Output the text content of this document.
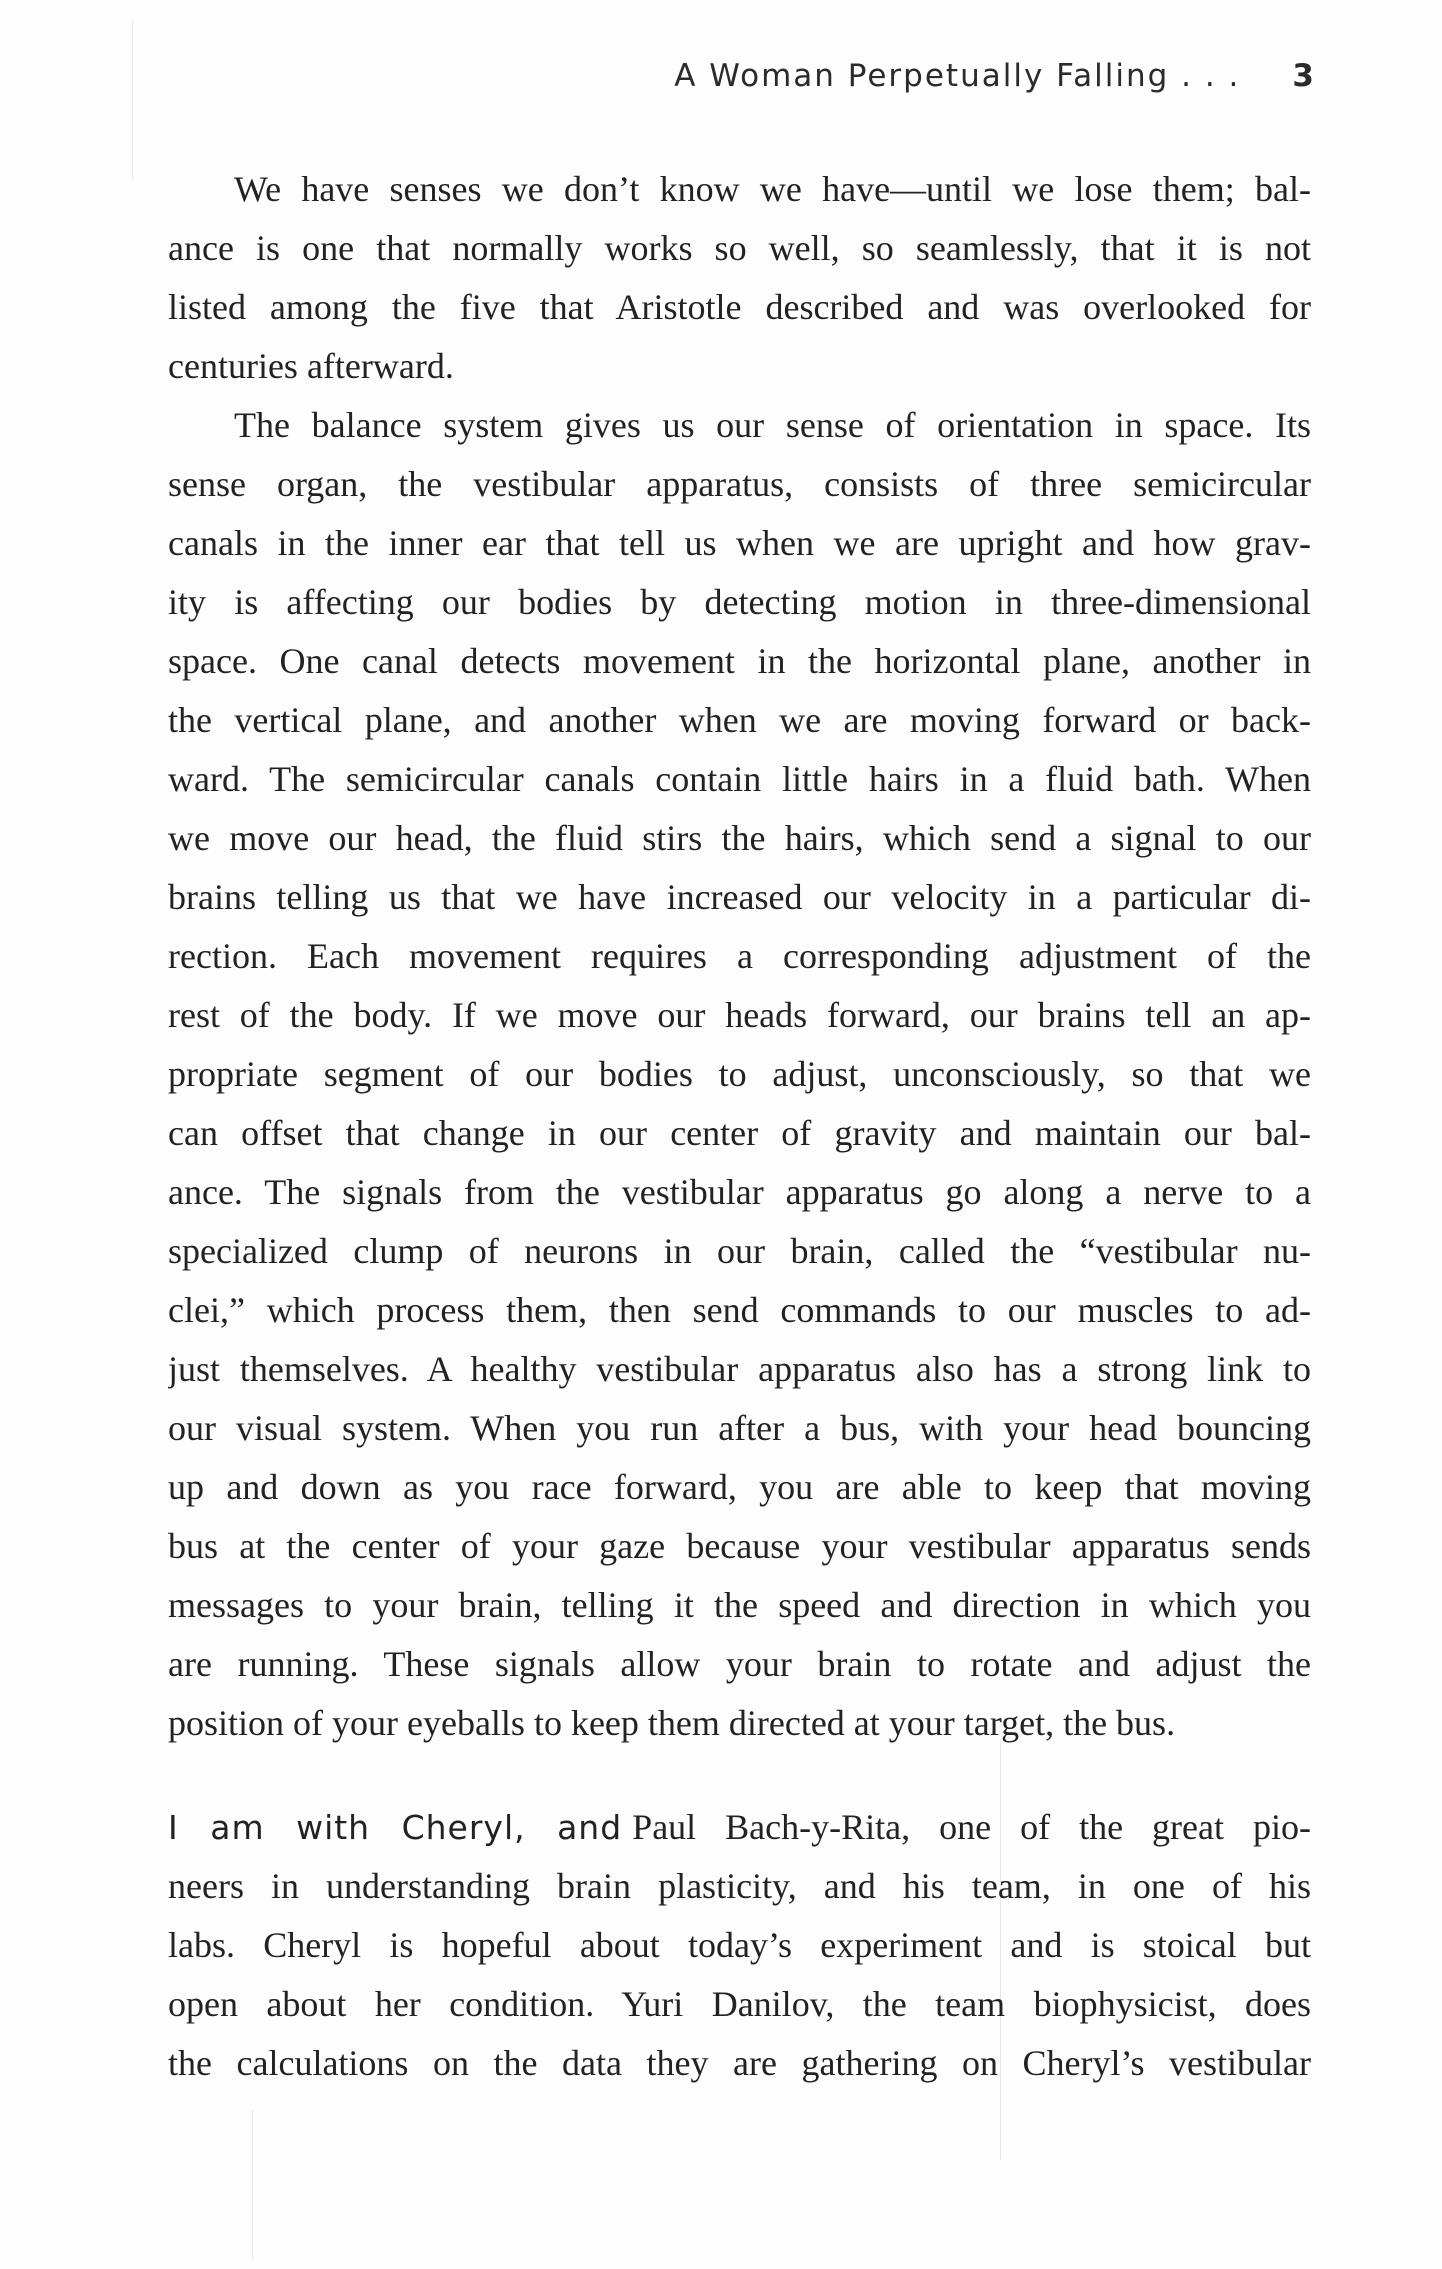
A Woman Perpetually Falling . . . 3
We have senses we don’t know we have—until we lose them; bal-
ance is one that normally works so well, so seamlessly, that it is not
listed among the five that Aristotle described and was overlooked for
centuries afterward.
The balance system gives us our sense of orientation in space. Its
sense organ, the vestibular apparatus, consists of three semicircular
canals in the inner ear that tell us when we are upright and how grav-
ity is affecting our bodies by detecting motion in three-dimensional
space. One canal detects movement in the horizontal plane, another in
the vertical plane, and another when we are moving forward or back-
ward. The semicircular canals contain little hairs in a fluid bath. When
we move our head, the fluid stirs the hairs, which send a signal to our
brains telling us that we have increased our velocity in a particular di-
rection. Each movement requires a corresponding adjustment of the
rest of the body. If we move our heads forward, our brains tell an ap-
propriate segment of our bodies to adjust, unconsciously, so that we
can offset that change in our center of gravity and maintain our bal-
ance. The signals from the vestibular apparatus go along a nerve to a
specialized clump of neurons in our brain, called the “vestibular nu-
clei,” which process them, then send commands to our muscles to ad-
just themselves. A healthy vestibular apparatus also has a strong link to
our visual system. When you run after a bus, with your head bouncing
up and down as you race forward, you are able to keep that moving
bus at the center of your gaze because your vestibular apparatus sends
messages to your brain, telling it the speed and direction in which you
are running. These signals allow your brain to rotate and adjust the
position of your eyeballs to keep them directed at your target, the bus.
I am with Cheryl, and Paul Bach-y-Rita, one of the great pio-
neers in understanding brain plasticity, and his team, in one of his
labs. Cheryl is hopeful about today’s experiment and is stoical but
open about her condition. Yuri Danilov, the team biophysicist, does
the calculations on the data they are gathering on Cheryl’s vestibular
